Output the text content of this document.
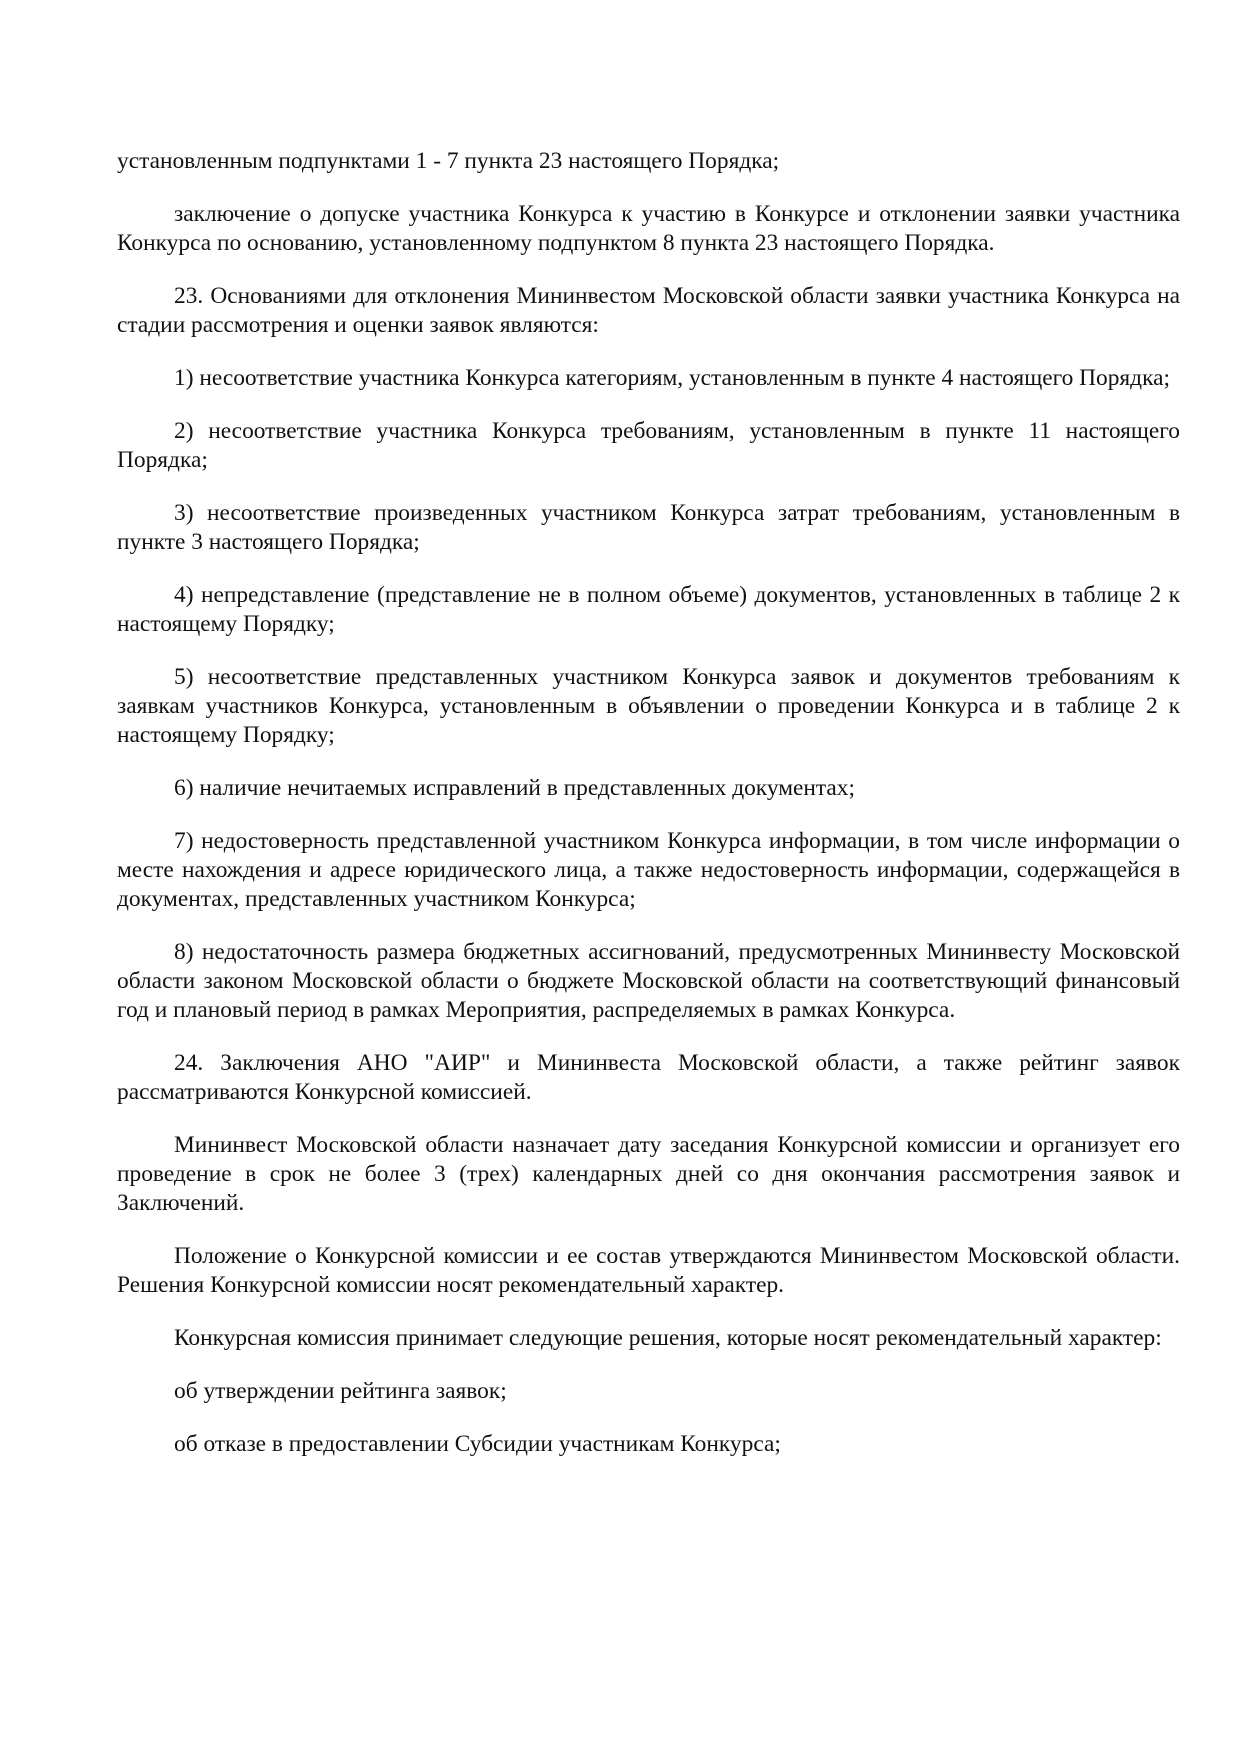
установленным подпунктами 1 - 7 пункта 23 настоящего Порядка;

заключение о допуске участника Конкурса к участию в Конкурсе и отклонении заявки участника Конкурса по основанию, установленному подпунктом 8 пункта 23 настоящего Порядка.

23. Основаниями для отклонения Мининвестом Московской области заявки участника Конкурса на стадии рассмотрения и оценки заявок являются:

1) несоответствие участника Конкурса категориям, установленным в пункте 4 настоящего Порядка;

2) несоответствие участника Конкурса требованиям, установленным в пункте 11 настоящего Порядка;

3) несоответствие произведенных участником Конкурса затрат требованиям, установленным в пункте 3 настоящего Порядка;

4) непредставление (представление не в полном объеме) документов, установленных в таблице 2 к настоящему Порядку;

5) несоответствие представленных участником Конкурса заявок и документов требованиям к заявкам участников Конкурса, установленным в объявлении о проведении Конкурса и в таблице 2 к настоящему Порядку;

6) наличие нечитаемых исправлений в представленных документах;

7) недостоверность представленной участником Конкурса информации, в том числе информации о месте нахождения и адресе юридического лица, а также недостоверность информации, содержащейся в документах, представленных участником Конкурса;

8) недостаточность размера бюджетных ассигнований, предусмотренных Мининвесту Московской области законом Московской области о бюджете Московской области на соответствующий финансовый год и плановый период в рамках Мероприятия, распределяемых в рамках Конкурса.

24. Заключения АНО "АИР" и Мининвеста Московской области, а также рейтинг заявок рассматриваются Конкурсной комиссией.

Мининвест Московской области назначает дату заседания Конкурсной комиссии и организует его проведение в срок не более 3 (трех) календарных дней со дня окончания рассмотрения заявок и Заключений.

Положение о Конкурсной комиссии и ее состав утверждаются Мининвестом Московской области. Решения Конкурсной комиссии носят рекомендательный характер.

Конкурсная комиссия принимает следующие решения, которые носят рекомендательный характер:

об утверждении рейтинга заявок;

об отказе в предоставлении Субсидии участникам Конкурса;
